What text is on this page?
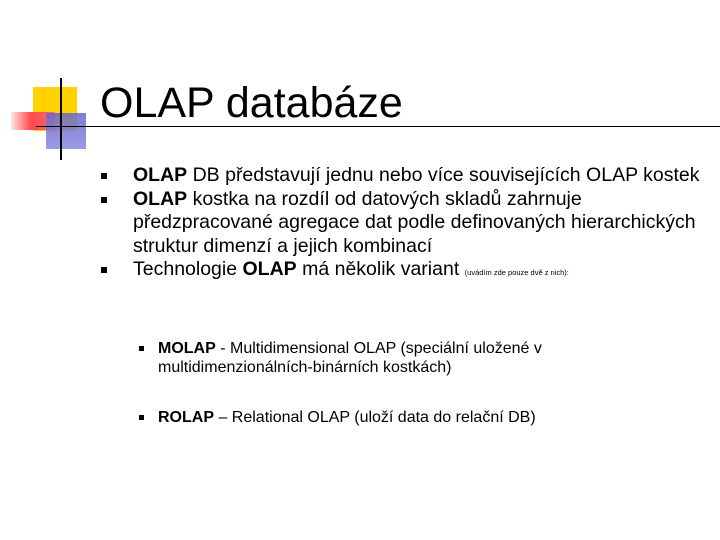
OLAP databáze
OLAP DB představují jednu nebo více souvisejících OLAP kostek
OLAP kostka na rozdíl od datových skladů zahrnuje předzpracované agregace dat podle definovaných hierarchických struktur dimenzí a jejich kombinací
Technologie OLAP má několik variant (uvádím zde pouze dvě z nich):
MOLAP - Multidimensional OLAP (speciální uložené v multidimenzionálních-binárních kostkách)
ROLAP – Relational OLAP (uloží data do relační DB)
